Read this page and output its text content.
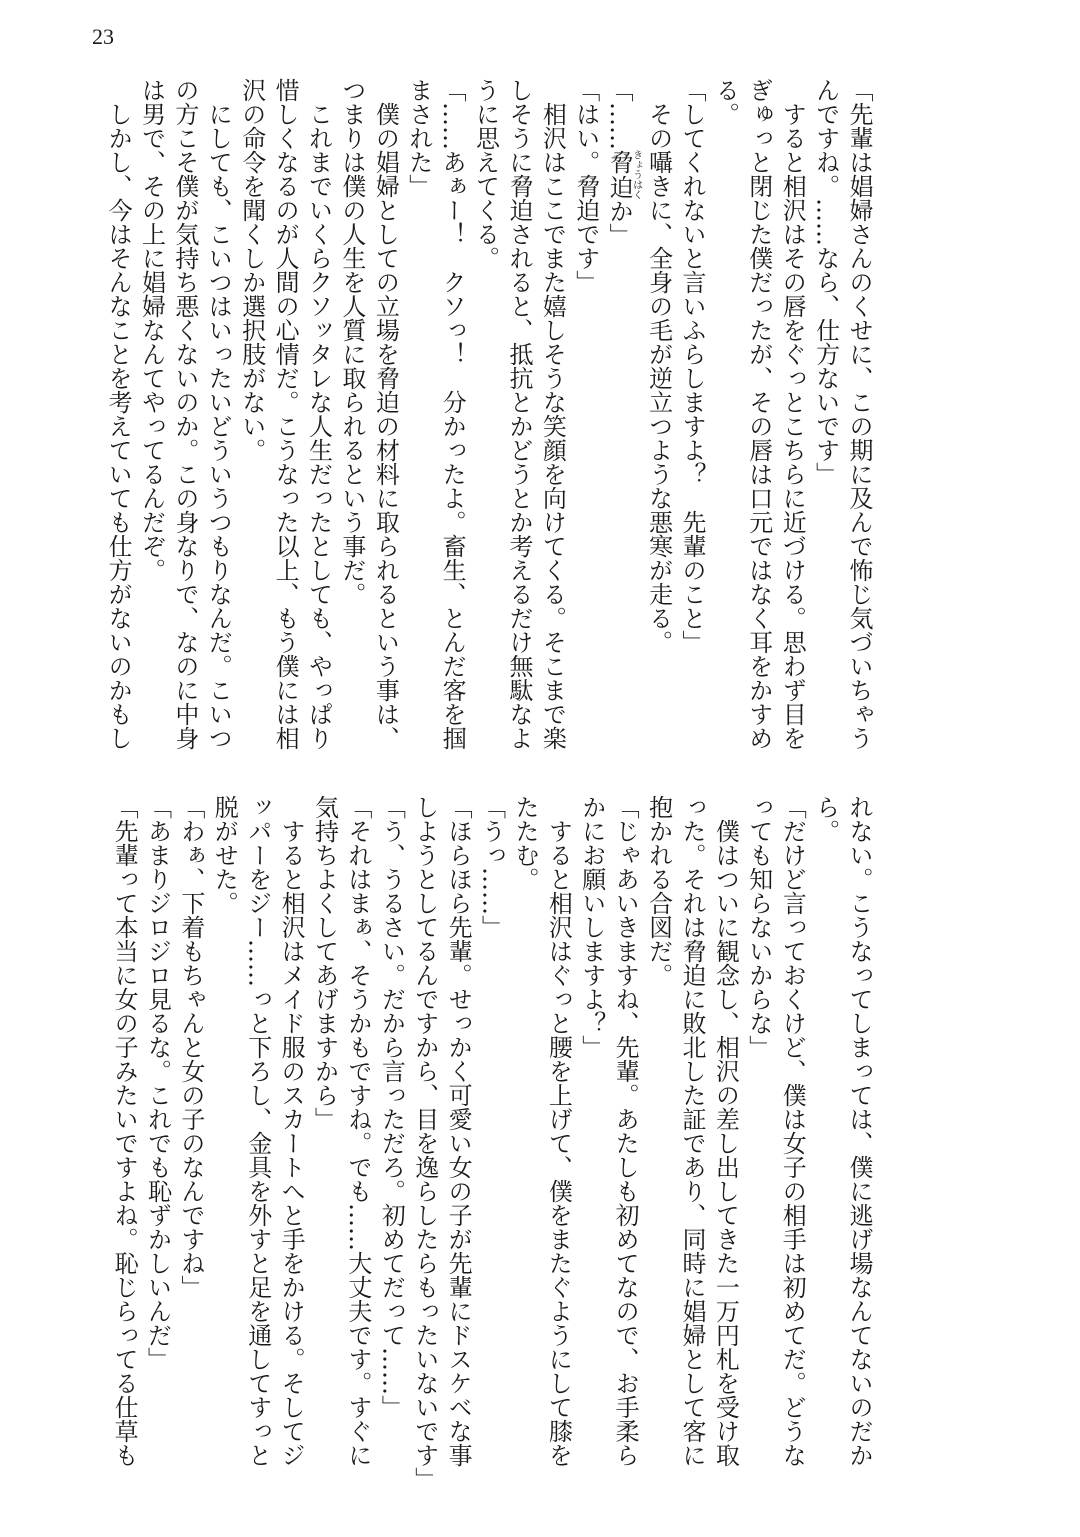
23
「先輩は娼婦さんのくせに、この期に及んで怖じ気づいちゃう
んですね。……なら、仕方ないです」
　すると相沢はその唇をぐっとこちらに近づける。思わず目を
ぎゅっと閉じた僕だったが、その唇は口元ではなく耳をかすめ
る。
「してくれないと言いふらしますよ？　先輩のこと」
　その囁きに、全身の毛が逆立つような悪寒が走る。
「……脅迫きょうはくか」
「はい。脅迫です」
　相沢はここでまた嬉しそうな笑顔を向けてくる。そこまで楽
しそうに脅迫されると、抵抗とかどうとか考えるだけ無駄なよ
うに思えてくる。
「……あぁー！　クソっ！　分かったよ。畜生、とんだ客を掴
まされた」
　僕の娼婦としての立場を脅迫の材料に取られるという事は、
つまりは僕の人生を人質に取られるという事だ。
　これまでいくらクソッタレな人生だったとしても、やっぱり
惜しくなるのが人間の心情だ。こうなった以上、もう僕には相
沢の命令を聞くしか選択肢がない。
　にしても、こいつはいったいどういうつもりなんだ。こいつ
の方こそ僕が気持ち悪くないのか。この身なりで、なのに中身
は男で、その上に娼婦なんてやってるんだぞ。
　しかし、今はそんなことを考えていても仕方がないのかもし
れない。こうなってしまっては、僕に逃げ場なんてないのだか
ら。
「だけど言っておくけど、僕は女子の相手は初めてだ。どうな
っても知らないからな」
　僕はついに観念し、相沢の差し出してきた一万円札を受け取
った。それは脅迫に敗北した証であり、同時に娼婦として客に
抱かれる合図だ。
「じゃあいきますね、先輩。あたしも初めてなので、お手柔ら
かにお願いしますよ？」
　すると相沢はぐっと腰を上げて、僕をまたぐようにして膝を
たたむ。
「うっ……」
「ほらほら先輩。せっかく可愛い女の子が先輩にドスケベな事
しようとしてるんですから、目を逸らしたらもったいないです」
「う、うるさい。だから言っただろ。初めてだって……」
「それはまぁ、そうかもですね。でも……大丈夫です。すぐに
気持ちよくしてあげますから」
　すると相沢はメイド服のスカートへと手をかける。そしてジ
ッパーをジー……っと下ろし、金具を外すと足を通してすっと
脱がせた。
「わぁ、下着もちゃんと女の子のなんですね」
「あまりジロジロ見るな。これでも恥ずかしいんだ」
「先輩って本当に女の子みたいですよね。恥じらってる仕草も
